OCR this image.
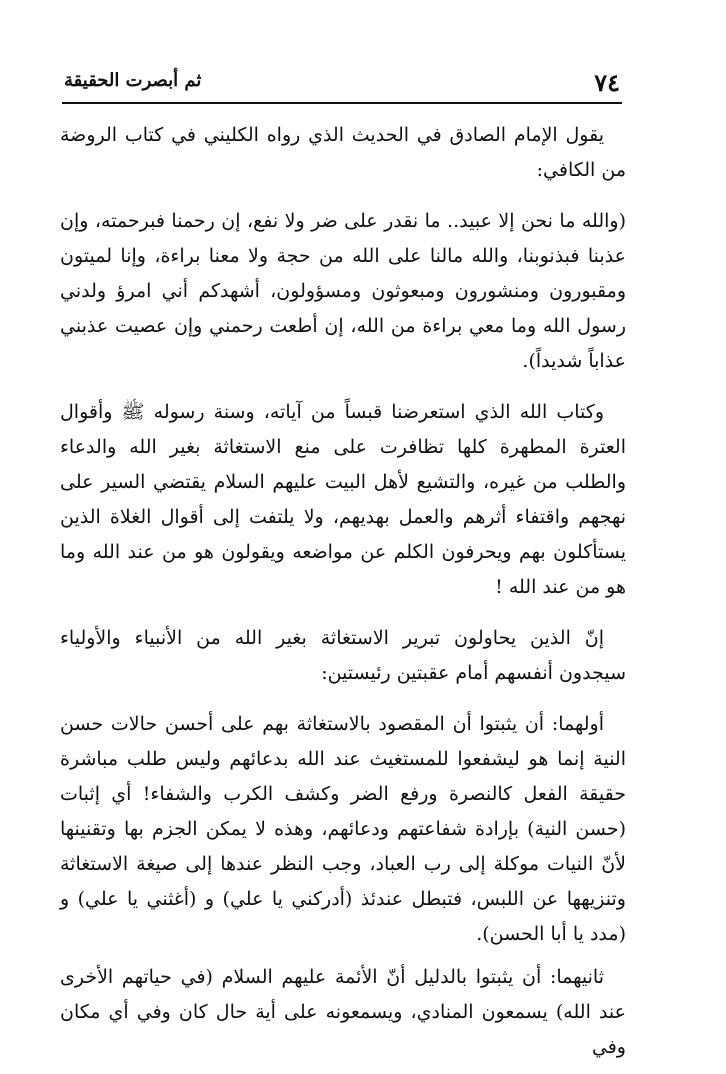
٧٤
ثم أبصرت الحقيقة

يقول الإمام الصادق في الحديث الذي رواه الكليني في كتاب الروضة من الكافي:

(والله ما نحن إلا عبيد.. ما نقدر على ضر ولا نفع، إن رحمنا فبرحمته، وإن عذبنا فبذنوبنا، والله مالنا على الله من حجة ولا معنا براءة، وإنا لميتون ومقبورون ومنشورون ومبعوثون ومسؤولون، أشهدكم أني امرؤ ولدني رسول الله وما معي براءة من الله، إن أطعت رحمني وإن عصيت عذبني عذاباً شديداً).

وكتاب الله الذي استعرضنا قبساً من آياته، وسنة رسوله ﷺ وأقوال العترة المطهرة كلها تظافرت على منع الاستغاثة بغير الله والدعاء والطلب من غيره، والتشيع لأهل البيت عليهم السلام يقتضي السير على نهجهم واقتفاء أثرهم والعمل بهديهم، ولا يلتفت إلى أقوال الغلاة الذين يستأكلون بهم ويحرفون الكلم عن مواضعه ويقولون هو من عند الله وما هو من عند الله !

إنّ الذين يحاولون تبرير الاستغاثة بغير الله من الأنبياء والأولياء سيجدون أنفسهم أمام عقبتين رئيستين:

أولهما: أن يثبتوا أن المقصود بالاستغاثة بهم على أحسن حالات حسن النية إنما هو ليشفعوا للمستغيث عند الله بدعائهم وليس طلب مباشرة حقيقة الفعل كالنصرة ورفع الضر وكشف الكرب والشفاء! أي إثبات (حسن النية) بإرادة شفاعتهم ودعائهم، وهذه لا يمكن الجزم بها وتقنينها لأنّ النيات موكلة إلى رب العباد، وجب النظر عندها إلى صيغة الاستغاثة وتنزيهها عن اللبس، فتبطل عندئذ (أدركني يا علي) و (أغثني يا علي) و (مدد يا أبا الحسن).

ثانيهما: أن يثبتوا بالدليل أنّ الأئمة عليهم السلام (في حياتهم الأخرى عند الله) يسمعون المنادي، ويسمعونه على أية حال كان وفي أي مكان وفي
